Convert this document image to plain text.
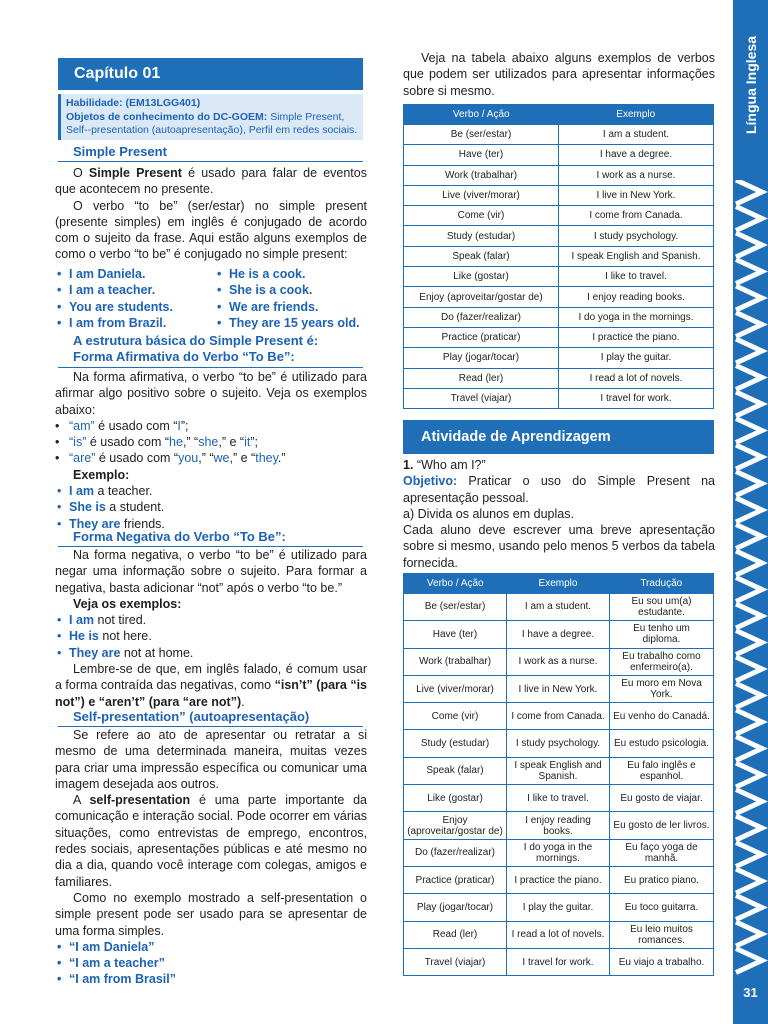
Língua Inglesa
31
Capítulo 01
Habilidade: (EM13LGG401)
Objetos de conhecimento do DC-GOEM: Simple Present, Self--presentation (autoapresentação), Perfil em redes sociais.
Simple Present

O Simple Present é usado para falar de eventos que acontecem no presente.

O verbo “to be” (ser/estar) no simple present (presente simples) em inglês é conjugado de acordo com o sujeito da frase. Aqui estão alguns exemplos de como o verbo “to be” é conjugado no simple present:

• I am Daniela.
• I am a teacher.
• You are students.
• I am from Brazil.
• He is a cook.
• She is a cook.
• We are friends.
• They are 15 years old.
A estrutura básica do Simple Present é:
Forma Afirmativa do Verbo “To Be”:

Na forma afirmativa, o verbo “to be” é utilizado para afirmar algo positivo sobre o sujeito. Veja os exemplos abaixo:

• “am” é usado com “I”;
• “is” é usado com “he,” “she,” e “it”;
• “are” é usado com “you,” “we,” e “they.”
Exemplo:
• I am a teacher.
• She is a student.
• They are friends.
Forma Negativa do Verbo “To Be”:

Na forma negativa, o verbo “to be” é utilizado para negar uma informação sobre o sujeito. Para formar a negativa, basta adicionar “not” após o verbo “to be.”

Veja os exemplos:
• I am not tired.
• He is not here.
• They are not at home.

Lembre-se de que, em inglês falado, é comum usar a forma contraída das negativas, como “isn’t” (para “is not”) e “aren’t” (para “are not”).

Self-presentation” (autoapresentação)

Se refere ao ato de apresentar ou retratar a si mesmo de uma determinada maneira, muitas vezes para criar uma impressão específica ou comunicar uma imagem desejada aos outros.

A self-presentation é uma parte importante da comunicação e interação social. Pode ocorrer em várias situações, como entrevistas de emprego, encontros, redes sociais, apresentações públicas e até mesmo no dia a dia, quando você interage com colegas, amigos e familiares.

Como no exemplo mostrado a self-presentation o simple present pode ser usado para se apresentar de uma forma simples.

• “I am Daniela”
• “I am a teacher”
• “I am from Brasil”

Veja na tabela abaixo alguns exemplos de verbos que podem ser utilizados para apresentar informações sobre si mesmo.

Verbo / Ação	Exemplo
Be (ser/estar)	I am a student.
Have (ter)	I have a degree.
Work (trabalhar)	I work as a nurse.
Live (viver/morar)	I live in New York.
Come (vir)	I come from Canada.
Study (estudar)	I study psychology.
Speak (falar)	I speak English and Spanish.
Like (gostar)	I like to travel.
Enjoy (aproveitar/gostar de)	I enjoy reading books.
Do (fazer/realizar)	I do yoga in the mornings.
Practice (praticar)	I practice the piano.
Play (jogar/tocar)	I play the guitar.
Read (ler)	I read a lot of novels.
Travel (viajar)	I travel for work.
Atividade de Aprendizagem
1. “Who am I?”

Objetivo: Praticar o uso do Simple Present na apresentação pessoal.

a) Divida os alunos em duplas.

Cada aluno deve escrever uma breve apresentação sobre si mesmo, usando pelo menos 5 verbos da tabela fornecida.

Verbo / Ação	Exemplo	Tradução
Be (ser/estar)	I am a student.	Eu sou um(a) estudante.
Have (ter)	I have a degree.	Eu tenho um diploma.
Work (trabalhar)	I work as a nurse.	Eu trabalho como enfermeiro(a).
Live (viver/morar)	I live in New York.	Eu moro em Nova York.
Come (vir)	I come from Canada.	Eu venho do Canadá.
Study (estudar)	I study psychology.	Eu estudo psicologia.
Speak (falar)	I speak English and Spanish.	Eu falo inglês e espanhol.
Like (gostar)	I like to travel.	Eu gosto de viajar.
Enjoy (aproveitar/gostar de)	I enjoy reading books.	Eu gosto de ler livros.
Do (fazer/realizar)	I do yoga in the mornings.	Eu faço yoga de manhã.
Practice (praticar)	I practice the piano.	Eu pratico piano.
Play (jogar/tocar)	I play the guitar.	Eu toco guitarra.
Read (ler)	I read a lot of novels.	Eu leio muitos romances.
Travel (viajar)	I travel for work.	Eu viajo a trabalho.
